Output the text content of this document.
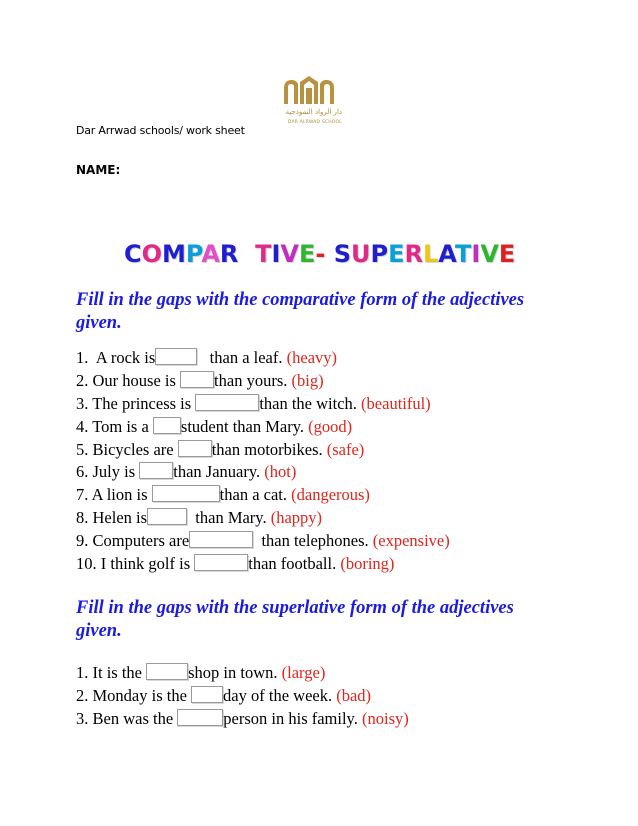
دار الرواد النموذجية
DAR ALRWAD SCHOOL
Dar Arrwad schools/ work sheet
NAME:
COMPAR TIVE- SUPERLATIVE
Fill in the gaps with the comparative form of the adjectives given.
1.  A rock is	than a leaf. (heavy)
2. Our house is than yours. (big)
3. The princess is	than the witch. (beautiful)
4. Tom is a student than Mary. (good)
5. Bicycles are than motorbikes. (safe)
6. July is than January. (hot)
7. A lion is	than a cat. (dangerous)
8. Helen is  than Mary. (happy)
9. Computers are	than telephones. (expensive)
10. I think golf is	than football. (boring)
Fill in the gaps with the superlative form of the adjectives given.
1. It is the	shop in town. (large)
2. Monday is the day of the week. (bad)
3. Ben was the	person in his family. (noisy)
